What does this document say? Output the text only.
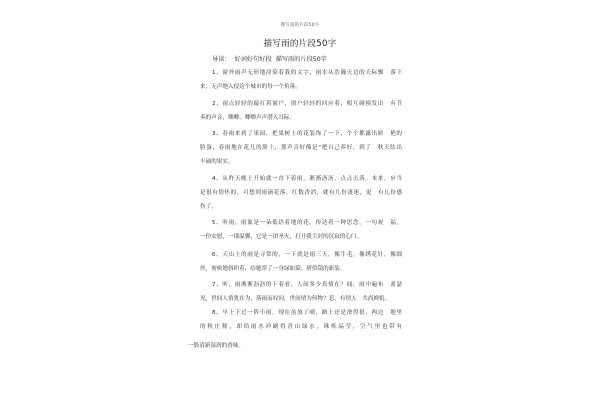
描写雨的片段50字
描写雨的片段50字
导读： 好词好句好段 描写雨的片段50字
1、窗外雨声无形地浸染着我的文字，雨水从浩瀚天边的天际飘　落下
来，无声地入侵这个城市的每一个角落。
2、雨点轻轻的敲打着窗户，窗户轻轻的回应着，相互碰撞发出　有节
奏的声音，唧唧、唧唧声声潜入耳际。
3、春雨来到了果园，把果树上的花装饰了一下，个个都露出娇　艳的
脸蛋，春雨地在花儿的脸上，那声音好像是“把自己养好，到了　秋天结出
丰硕的果实。
4、从昨天晚上开始就一直下着雨，淅淅沥沥，点点击落。本来，应当
是很有情怀的，可想到雨滴花落，红数香消，就有几份凄迷，更　有几份感
伤了。
5、听雨，雨象是一朵低语着地的花，传达着一种思念，一句祝　福，
一份安慰，一缕温馨，它是一团圣火，打开我尘封的沉寂的心门。
6、天山上的雨是寻常的，一下就是雨三天，像牛毛，像绣花针，像细
丝，密密地斜织着，给她穿了一身绿如染、碧似镜的新装。
7、听，雨淅淅沥沥的下着看，人间多少真情在？闻，雨中遍布　萧瑟
见，世间人情犹在为，落雨而叹问，世间情为何物？悲，有情人　共尚婵娟。
8、早上下过一阵小雨，现在虽放了晴，路上还是滑得很，两边　地里
的秋庄稼，却给雨水冲刷得青山绿水，珠烁晶莹，空气里也带有
一股清新湿润的香味。
